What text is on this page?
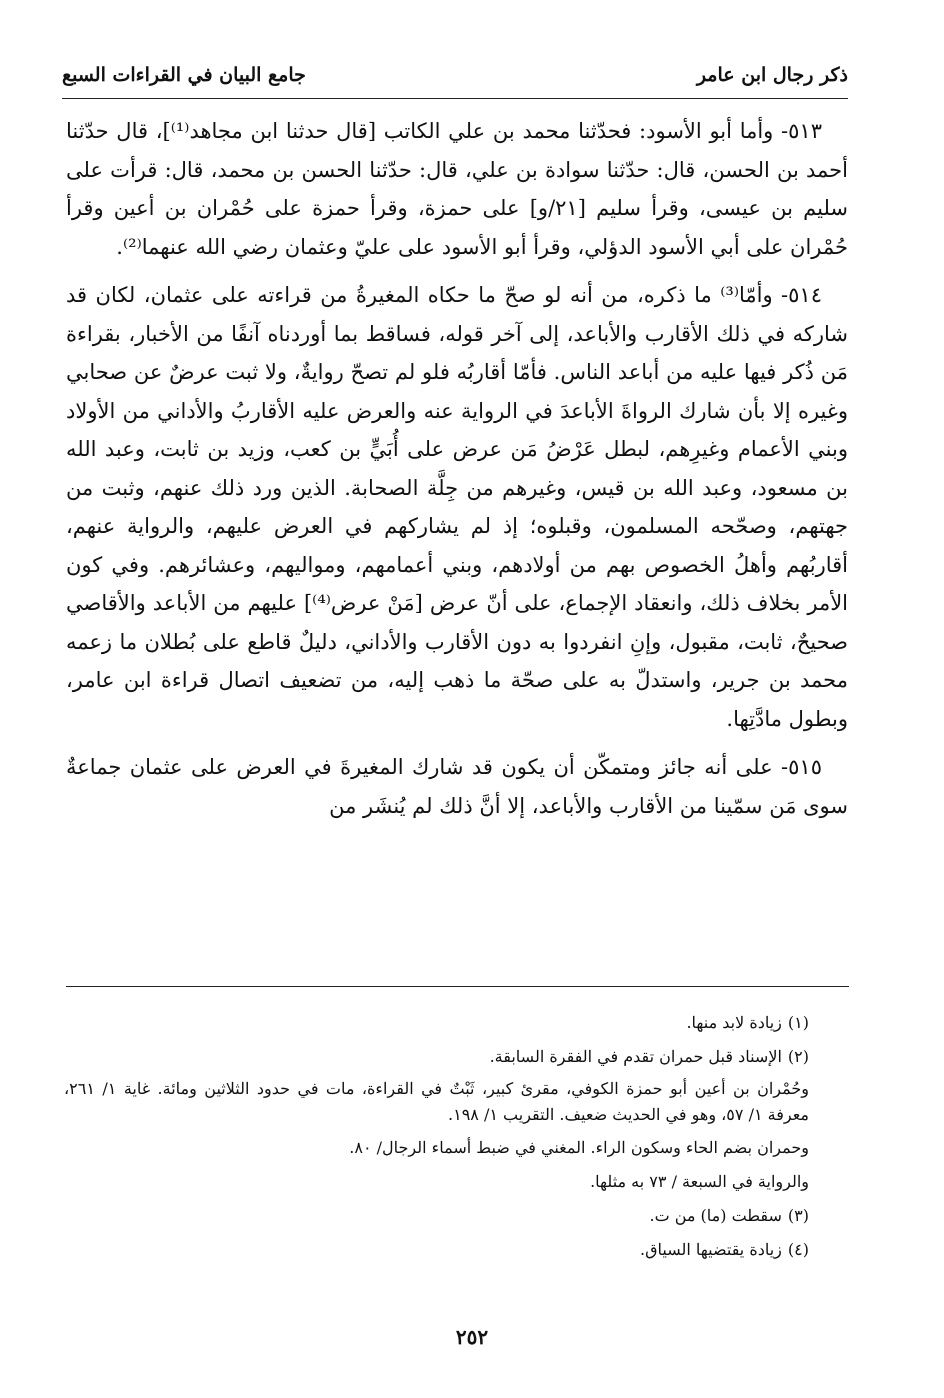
ذكر رجال ابن عامر
جامع البيان في القراءات السبع

٥١٣- وأما أبو الأسود: فحدّثنا محمد بن علي الكاتب [قال حدثنا ابن مجاهد⁽¹⁾]، قال حدّثنا أحمد بن الحسن، قال: حدّثنا سوادة بن علي، قال: حدّثنا الحسن بن محمد، قال: قرأت على سليم بن عيسى، وقرأ سليم [٢١/و] على حمزة، وقرأ حمزة على حُمْران بن أعين وقرأ حُمْران على أبي الأسود الدؤلي، وقرأ أبو الأسود على عليّ وعثمان رضي الله عنهما⁽²⁾.

٥١٤- وأمّا⁽³⁾ ما ذكره، من أنه لو صحّ ما حكاه المغيرةُ من قراءته على عثمان، لكان قد شاركه في ذلك الأقارب والأباعد، إلى آخر قوله، فساقط بما أوردناه آنفًا من الأخبار، بقراءة مَن ذُكر فيها عليه من أباعد الناس. فأمّا أقاربُه فلو لم تصحّ روايةٌ، ولا ثبت عرضٌ عن صحابي وغيره إلا بأن شارك الرواةَ الأباعدَ في الرواية عنه والعرض عليه الأقاربُ والأداني من الأولاد وبني الأعمام وغيرِهم، لبطل عَرْضُ مَن عرض على أُبَيٍّ بن كعب، وزيد بن ثابت، وعبد الله بن مسعود، وعبد الله بن قيس، وغيرهم من جِلَّة الصحابة. الذين ورد ذلك عنهم، وثبت من جهتهم، وصحّحه المسلمون، وقبلوه؛ إذ لم يشاركهم في العرض عليهم، والرواية عنهم، أقاربُهم وأهلُ الخصوص بهم من أولادهم، وبني أعمامهم، ومواليهم، وعشائرهم. وفي كون الأمر بخلاف ذلك، وانعقاد الإجماع، على أنّ عرض [مَنْ عرض⁽⁴⁾] عليهم من الأباعد والأقاصي صحيحٌ، ثابت، مقبول، وإنِ انفردوا به دون الأقارب والأداني، دليلٌ قاطع على بُطلان ما زعمه محمد بن جرير، واستدلّ به على صحّة ما ذهب إليه، من تضعيف اتصال قراءة ابن عامر، وبطول مادَّتِها.

٥١٥- على أنه جائز ومتمكّن أن يكون قد شارك المغيرةَ في العرض على عثمان جماعةٌ سوى مَن سمّينا من الأقارب والأباعد، إلا أنَّ ذلك لم يُنشَر من

(١)زيادة لابد منها.
(٢)الإسناد قبل حمران تقدم في الفقرة السابقة.
وحُمْران بن أعين أبو حمزة الكوفي، مقرئ كبير، ثَبْتٌ في القراءة، مات في حدود الثلاثين ومائة. غاية ١/ ٢٦١، معرفة ١/ ٥٧، وهو في الحديث ضعيف. التقريب ١/ ١٩٨.
وحمران بضم الحاء وسكون الراء. المغني في ضبط أسماء الرجال/ ٨٠.
والرواية في السبعة / ٧٣ به مثلها.
(٣)سقطت (ما) من ت.
(٤)زيادة يقتضيها السياق.
٢٥٢
